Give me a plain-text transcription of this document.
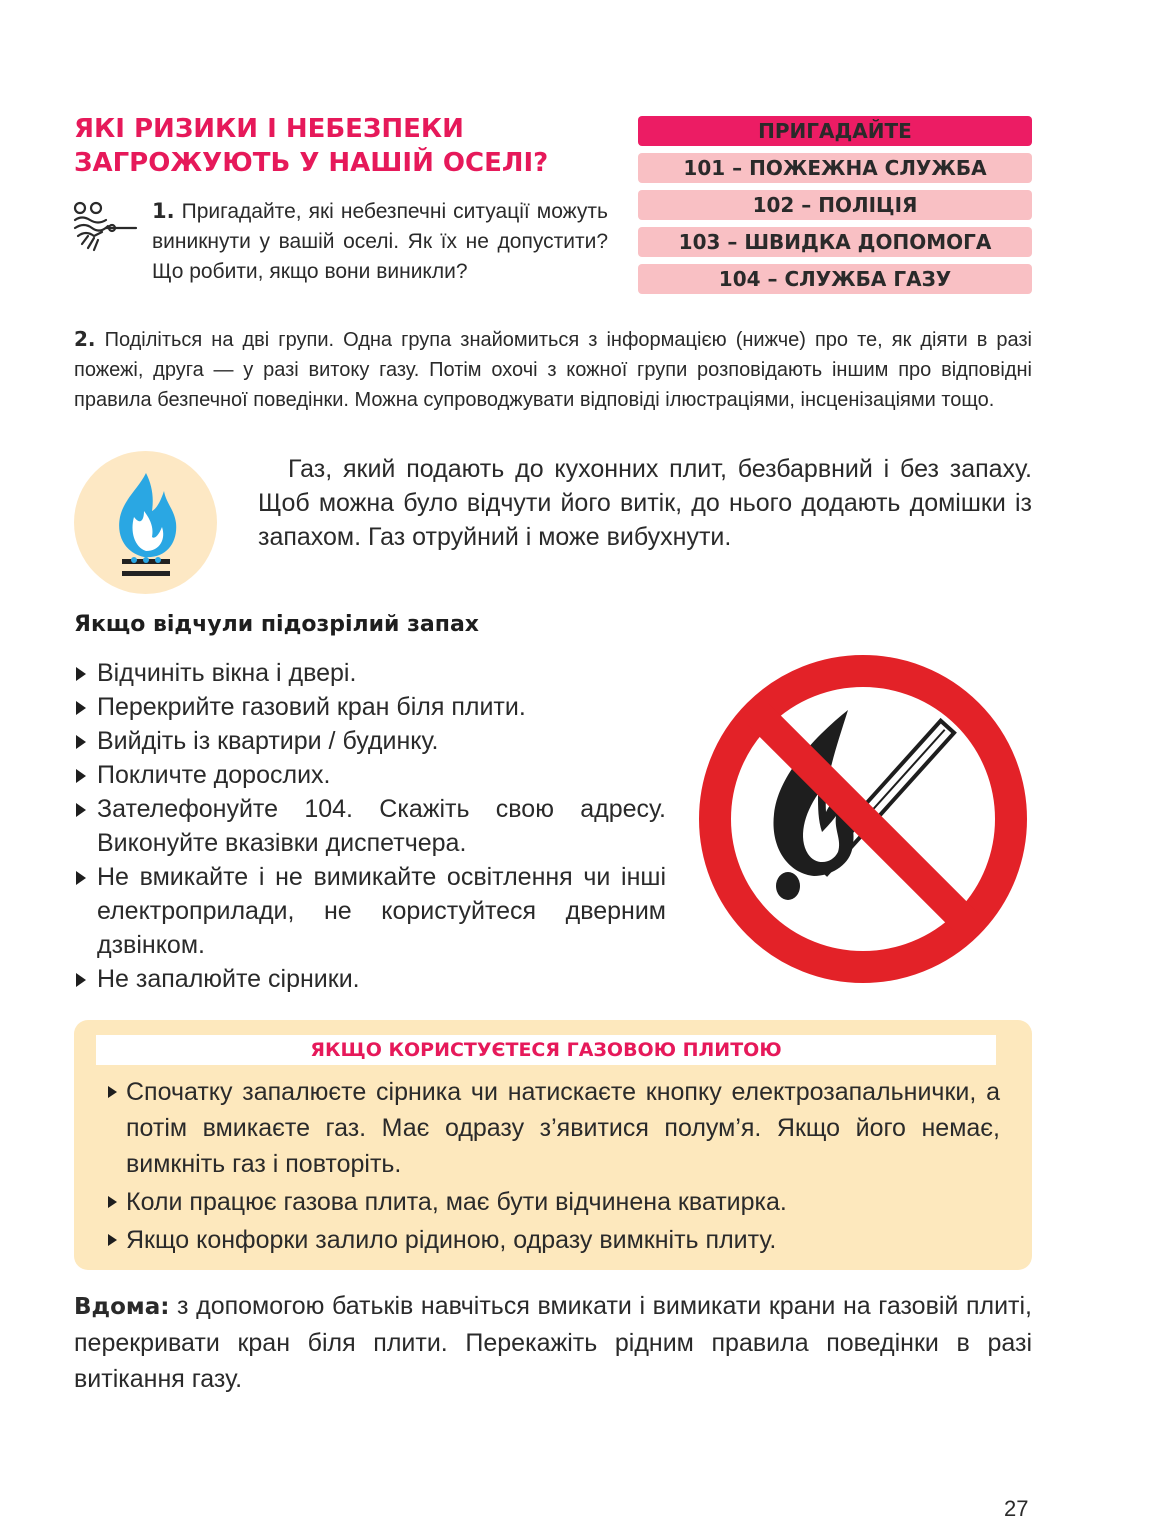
ЯКІ РИЗИКИ І НЕБЕЗПЕКИ
ЗАГРОЖУЮТЬ У НАШІЙ ОСЕЛІ?
ПРИГАДАЙТЕ
101 – ПОЖЕЖНА СЛУЖБА
102 – ПОЛІЦІЯ
103 – ШВИДКА ДОПОМОГА
104 – СЛУЖБА ГАЗУ

1. Пригадайте, які небезпечні ситуації можуть виникнути у вашій оселі. Як їх не допустити? Що робити, якщо вони виникли?

2. Поділіться на дві групи. Одна група знайомиться з інформацією (нижче) про те, як діяти в разі пожежі, друга — у разі витоку газу. Потім охочі з кожної групи розповідають іншим про відповідні правила безпечної поведінки. Можна супроводжувати відповіді ілюстраціями, інсценізаціями тощо.

Газ, який подають до кухонних плит, безбарвний і без запаху. Щоб можна було відчути його витік, до нього додають домішки із запахом. Газ отруйний і може вибухнути.

Якщо відчули підозрілий запах
Відчиніть вікна і двері.
Перекрийте газовий кран біля плити.
Вийдіть із квартири / будинку.
Покличте дорослих.
Зателефонуйте 104. Скажіть свою адресу. Виконуйте вказівки диспетчера.
Не вмикайте і не вимикайте освітлення чи інші електроприлади, не користуйтеся дверним дзвінком.
Не запалюйте сірники.
ЯКЩО КОРИСТУЄТЕСЯ ГАЗОВОЮ ПЛИТОЮ
Спочатку запалюєте сірника чи натискаєте кнопку електрозапальнички, а потім вмикаєте газ. Має одразу з’явитися полум’я. Якщо його немає, вимкніть газ і повторіть.
Коли працює газова плита, має бути відчинена кватирка.
Якщо конфорки залило рідиною, одразу вимкніть плиту.

Вдома: з допомогою батьків навчіться вмикати і вимикати крани на газовій плиті, перекривати кран біля плити. Перекажіть рідним правила поведінки в разі витікання газу.

27
